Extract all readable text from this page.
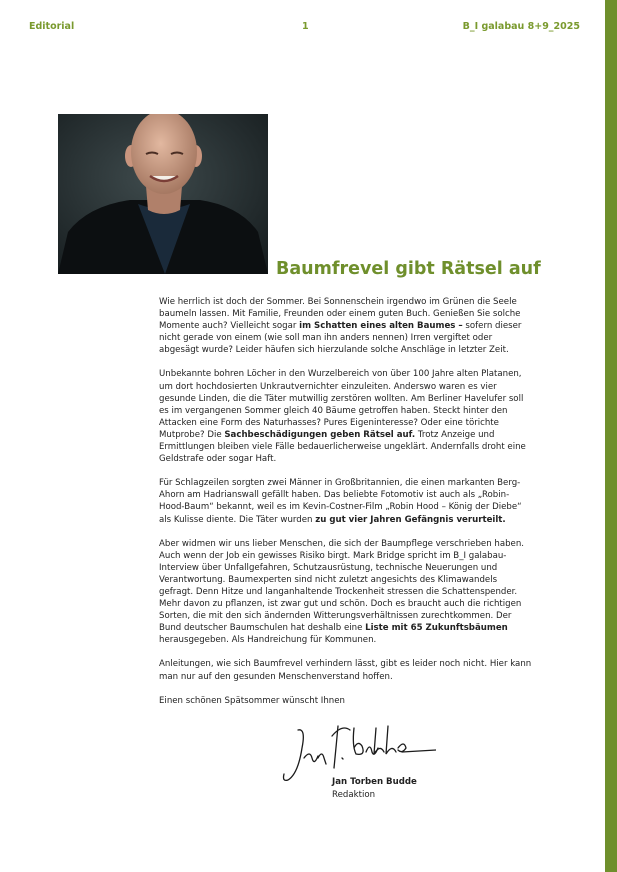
Editorial	1	B_I galabau 8+9_2025
Baumfrevel gibt Rätsel auf

Wie herrlich ist doch der Sommer. Bei Sonnenschein irgendwo im Grünen die Seele baumeln lassen. Mit Familie, Freunden oder einem guten Buch. Genießen Sie solche Momente auch? Vielleicht sogar im Schatten eines alten Baumes – sofern dieser nicht gerade von einem (wie soll man ihn anders nennen) Irren vergiftet oder abgesägt wurde? Leider häufen sich hierzulande solche Anschläge in letzter Zeit.

Unbekannte bohren Löcher in den Wurzelbereich von über 100 Jahre alten Platanen, um dort hochdosierten Unkrautvernichter einzuleiten. Anderswo waren es vier gesunde Linden, die die Täter mutwillig zerstören wollten. Am Berliner Havelufer soll es im vergangenen Sommer gleich 40 Bäume getroffen haben. Steckt hinter den Attacken eine Form des Naturhasses? Pures Eigeninteresse? Oder eine törichte Mutprobe? Die Sachbeschädigungen geben Rätsel auf. Trotz Anzeige und Ermittlungen bleiben viele Fälle bedauerlicherweise ungeklärt. Andernfalls droht eine Geldstrafe oder sogar Haft.

Für Schlagzeilen sorgten zwei Männer in Großbritannien, die einen markanten Berg-Ahorn am Hadrianswall gefällt haben. Das beliebte Fotomotiv ist auch als „Robin-Hood-Baum“ bekannt, weil es im Kevin-Costner-Film „Robin Hood – König der Diebe“ als Kulisse diente. Die Täter wurden zu gut vier Jahren Gefängnis verurteilt.

Aber widmen wir uns lieber Menschen, die sich der Baumpflege verschrieben haben. Auch wenn der Job ein gewisses Risiko birgt. Mark Bridge spricht im B_I galabau-Interview über Unfallgefahren, Schutzausrüstung, technische Neuerungen und Verantwortung. Baumexperten sind nicht zuletzt angesichts des Klimawandels gefragt. Denn Hitze und langanhaltende Trockenheit stressen die Schattenspender. Mehr davon zu pflanzen, ist zwar gut und schön. Doch es braucht auch die richtigen Sorten, die mit den sich ändernden Witterungsverhältnissen zurechtkommen. Der Bund deutscher Baumschulen hat deshalb eine Liste mit 65 Zukunftsbäumen herausgegeben. Als Handreichung für Kommunen.

Anleitungen, wie sich Baumfrevel verhindern lässt, gibt es leider noch nicht. Hier kann man nur auf den gesunden Menschenverstand hoffen.

Einen schönen Spätsommer wünscht Ihnen

Jan Torben Budde
Redaktion
